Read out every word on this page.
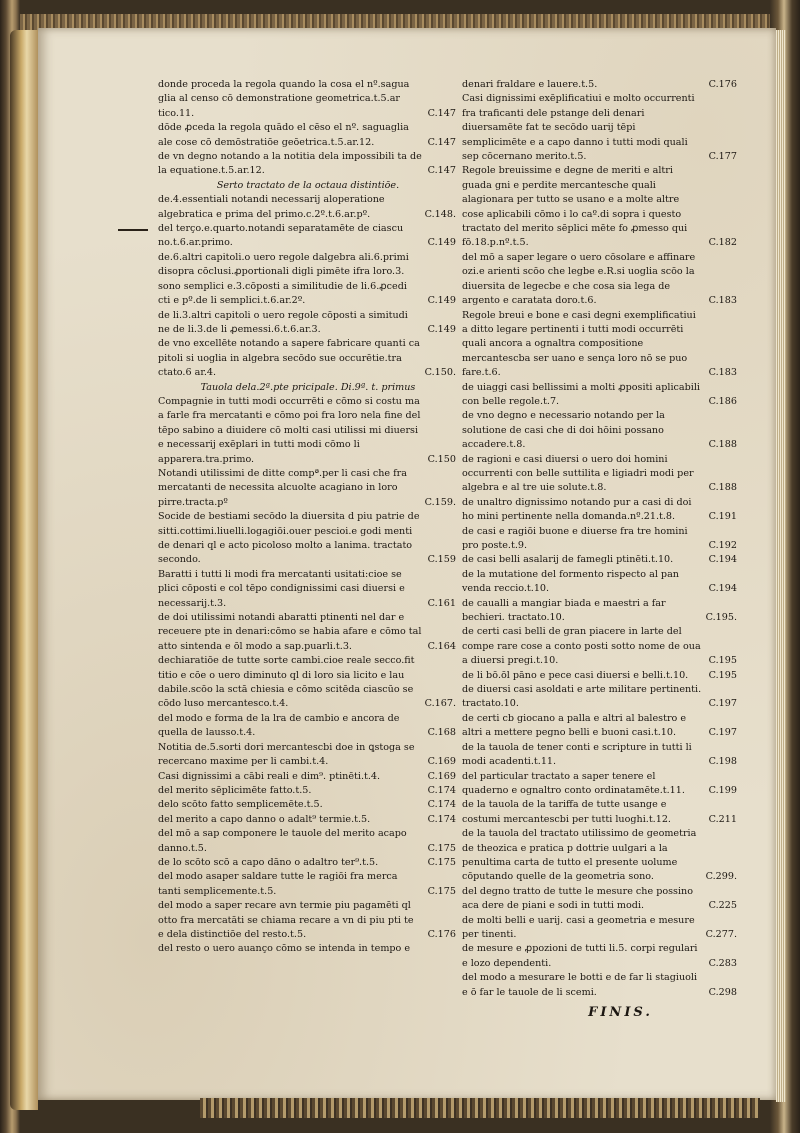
donde proceda la regola quando la cosa el nº.sagua glia al censo cō demonstratione geometrica.t.5.ar tico.11.	C.147
dōde ꝓceda la regola quādo el cēso el nº. saguaglia ale cose cō demōstratiōe geōetrica.t.5.ar.12.	C.147
de vn degno notando a la notitia dela impossibili ta de la equatione.t.5.ar.12.	C.147
Serto tractato de la octaua distintiōe.
de.4.essentiali notandi necessarij aloperatione algebratica e prima del primo.c.2º.t.6.ar.pº.	C.148.
del terço.e.quarto.notandi separatamēte de ciascu no.t.6.ar.primo.	C.149
de.6.altri capitoli.o uero regole dalgebra ali.6.primi disopra cōclusi.ꝓportionali digli pimēte ifra loro.3. sono semplici e.3.cōposti a similitudie de li.6.ꝓcedi cti e pº.de li semplici.t.6.ar.2º.	C.149
de li.3.altri capitoli o uero regole cōposti a simitudi ne de li.3.de li ꝓemessi.6.t.6.ar.3.	C.149
de vno excellēte notando a sapere fabricare quanti ca pitoli si uoglia in algebra secōdo sue occurētie.tra ctato.6 ar.4.	C.150.
Tauola dela.2ª.pte pricipale. Di.9ª. t. primus
Compagnie in tutti modi occurrēti e cōmo si costu ma a farle fra mercatanti e cōmo poi fra loro nela fine del tēpo sabino a diuidere cō molti casi utilissi mi diuersi e necessarij exēplari in tutti modi cōmo li apparera.tra.primo.	C.150
Notandi utilissimi de ditte compª.per li casi che fra mercatanti de necessita alcuolte acagiano in loro pirre.tracta.pº	C.159.
Socide de bestiami secōdo la diuersita d piu patrie de sitti.cottimi.liuelli.logagiōi.ouer pescioi.e godi menti de denari ql e acto picoloso molto a lanima. tractato secondo.	C.159
Baratti i tutti li modi fra mercatanti usitati:cioe se plici cōposti e col tēpo condignissimi casi diuersi e necessarij.t.3.	C.161
de doi utilissimi notandi abaratti ptinenti nel dar e receuere pte in denari:cōmo se habia afare e cōmo tal atto sintenda e ōl modo a sap.puarli.t.3.	C.164
dechiaratiōe de tutte sorte cambi.cioe reale secco.fit titio e cōe o uero diminuto ql di loro sia licito e lau dabile.scōo la sctā chiesia e cōmo scitēda ciascūo se cōdo luso mercantesco.t.4.	C.167.
del modo e forma de la lra de cambio e ancora de quella de lausso.t.4.	C.168
Notitia de.5.sorti dori mercantescbi doe in ꝗstoga se recercano maxime per li cambi.t.4.	C.169
Casi dignissimi a cābi reali e dim⁹. ptinēti.t.4.	C.169
del merito sēplicimēte fatto.t.5.	C.174
delo scōto fatto semplicemēte.t.5.	C.174
del merito a capo danno o adalt⁹ termie.t.5.	C.174
del mō a sap componere le tauole del merito acapo danno.t.5.	C.175
de lo scōto scō a capo dāno o adaltro ter⁹.t.5.	C.175
del modo asaper saldare tutte le ragiōi fra merca tanti semplicemente.t.5.	C.175
del modo a saper recare avn termie piu pagamēti ql otto fra mercatāti se chiama recare a vn di piu pti te e dela distinctiōe del resto.t.5.	C.176
del resto o uero auanço cōmo se intenda in tempo e
denari fraldare e lauere.t.5.	C.176
Casi dignissimi exēplificatiui e molto occurrenti fra traficanti dele pstange deli denari diuersamēte fat te secōdo uarij tēpi semplicimēte e a capo danno i tutti modi quali sep cōcernano merito.t.5.	C.177
Regole breuissime e degne de meriti e altri guada gni e perdite mercantesche quali alagionara per tutto se usano e a molte altre cose aplicabili cōmo i lo caº.di sopra i questo tractato del merito sēplici mēte fo ꝓmesso qui fō.18.p.nº.t.5.	C.182
del mō a saper legare o uero cōsolare e affinare ozi.e arienti scōo che legbe e.R.si uoglia scōo la diuersita de legecbe e che cosa sia lega de argento e caratata doro.t.6.	C.183
Regole breui e bone e casi degni exemplificatiui a ditto legare pertinenti i tutti modi occurrēti quali ancora a ognaltra compositione mercantescba ser uano e sença loro nō se puo fare.t.6.	C.183
de uiaggi casi bellissimi a molti ꝓpositi aplicabili con belle regole.t.7.	C.186
de vno degno e necessario notando per la solutione de casi che di doi hōini possano accadere.t.8.	C.188
de ragioni e casi diuersi o uero doi homini occurrenti con belle suttilita e ligiadri modi per algebra e al tre uie solute.t.8.	C.188
de unaltro dignissimo notando pur a casi di doi ho mini pertinente nella domanda.nº.21.t.8.	C.191
de casi e ragiōi buone e diuerse fra tre homini pro poste.t.9.	C.192
de casi belli asalarij de famegli ptinēti.t.10.	C.194
de la mutatione del formento rispecto al pan venda reccio.t.10.	C.194
de caualli a mangiar biada e maestri a far bechieri. tractato.10.	C.195.
de certi casi belli de gran piacere in larte del compe rare cose a conto posti sotto nome de oua a diuersi pregi.t.10.	C.195
de li bō.ōl pāno e pece casi diuersi e belli.t.10.	C.195
de diuersi casi asoldati e arte militare pertinenti. tractato.10.	C.197
de certi cb giocano a palla e altri al balestro e altri a mettere pegno belli e buoni casi.t.10.	C.197
de la tauola de tener conti e scripture in tutti li modi acadenti.t.11.	C.198
del particular tractato a saper tenere el quaderno e ognaltro conto ordinatamēte.t.11.	C.199
de la tauola de la tariffa de tutte usange e costumi mercantescbi per tutti luoghi.t.12.	C.211
de la tauola del tractato utilissimo de geometria de theozica e pratica p dottrie uulgari a la penultima carta de tutto el presente uolume cōputando quelle de la geometria sono.	C.299.
del degno tratto de tutte le mesure che possino aca dere de piani e sodi in tutti modi.	C.225
de molti belli e uarij. casi a geometria e mesure per tinenti.	C.277.
de mesure e ꝓpozioni de tutti li.5. corpi regulari e lozo dependenti.	C.283
del modo a mesurare le botti e de far li stagiuoli e ō far le tauole de li scemi.	C.298
FINIS.
